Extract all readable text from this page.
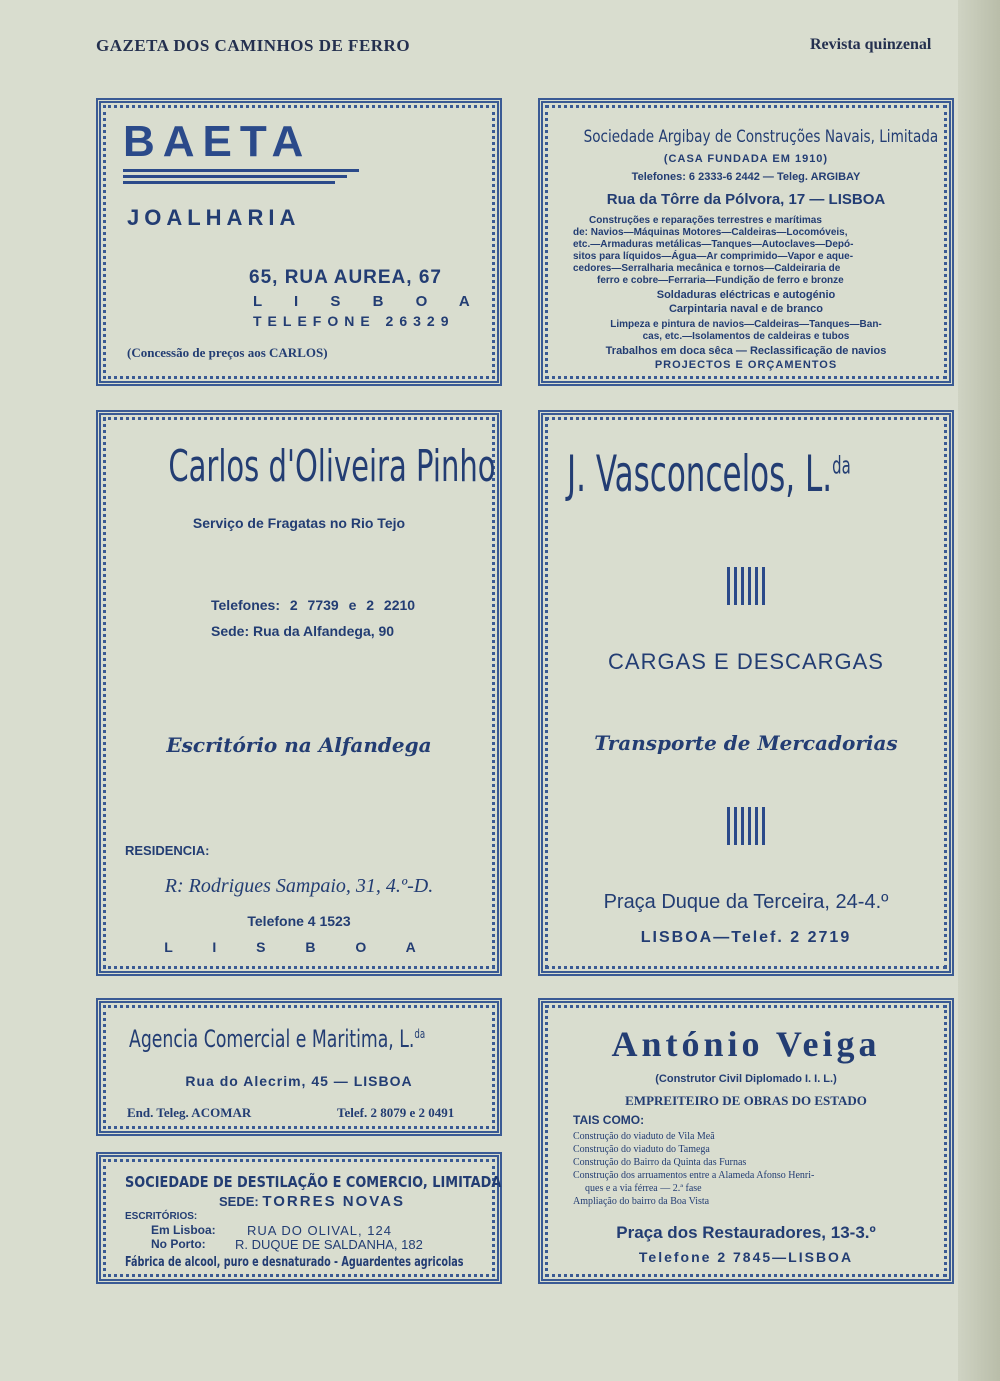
GAZETA DOS CAMINHOS DE FERRO	Revista quinzenal
BAETA
JOALHARIA
65, RUA AUREA, 67
L I S B O A
TELEFONE 26329
(Concessão de preços aos CARLOS)
Sociedade Argibay de Construções Navais, Limitada
(CASA FUNDADA EM 1910)
Telefones: 6 2333-6 2442 — Teleg. ARGIBAY
Rua da Tôrre da Pólvora, 17 — LISBOA
Construções e reparações terrestres e marítimas
de: Navios—Máquinas Motores—Caldeiras—Locomóveis,
etc.—Armaduras metálicas—Tanques—Autoclaves—Depó-
sitos para líquidos—Água—Ar comprimido—Vapor e aque-
cedores—Serralharia mecânica e tornos—Caldeiraria de
ferro e cobre—Ferraria—Fundição de ferro e bronze
Soldaduras eléctricas e autogénio
Carpintaria naval e de branco
Limpeza e pintura de navios—Caldeiras—Tanques—Ban-
cas, etc.—Isolamentos de caldeiras e tubos
Trabalhos em doca sêca — Reclassificação de navios
PROJECTOS E ORÇAMENTOS
Carlos d'Oliveira Pinho
Serviço de Fragatas no Rio Tejo
Telefones: 2 7739 e 2 2210
Sede: Rua da Alfandega, 90
Escritório na Alfandega
RESIDENCIA:
R: Rodrigues Sampaio, 31, 4.º-D.
Telefone 4 1523
L I S B O A
J. Vasconcelos, L.$^{da}$
CARGAS E DESCARGAS
Transporte de Mercadorias
Praça Duque da Terceira, 24-4.º
LISBOA—Telef. 2 2719
Agencia Comercial e Maritima, L.$^{da}$
Rua do Alecrim, 45 — LISBOA
End. Teleg. ACOMAR	Telef. 2 8079 e 2 0491
SOCIEDADE DE DESTILAÇÃO E COMERCIO, LIMITADA
SEDE: TORRES NOVAS
ESCRITÓRIOS:
Em Lisboa: RUA DO OLIVAL, 124
No Porto: R. DUQUE DE SALDANHA, 182
Fábrica de alcool, puro e desnaturado - Aguardentes agricolas
António Veiga
(Construtor Civil Diplomado I. I. L.)
EMPREITEIRO DE OBRAS DO ESTADO
TAIS COMO:
Construção do viaduto de Vila Meã
Construção do viaduto do Tamega
Construção do Bairro da Quinta das Furnas
Construção dos arruamentos entre a Alameda Afonso Henri-
ques e a via férrea — 2.ª fase
Ampliação do bairro da Boa Vista
Praça dos Restauradores, 13-3.º
Telefone 2 7845—LISBOA
